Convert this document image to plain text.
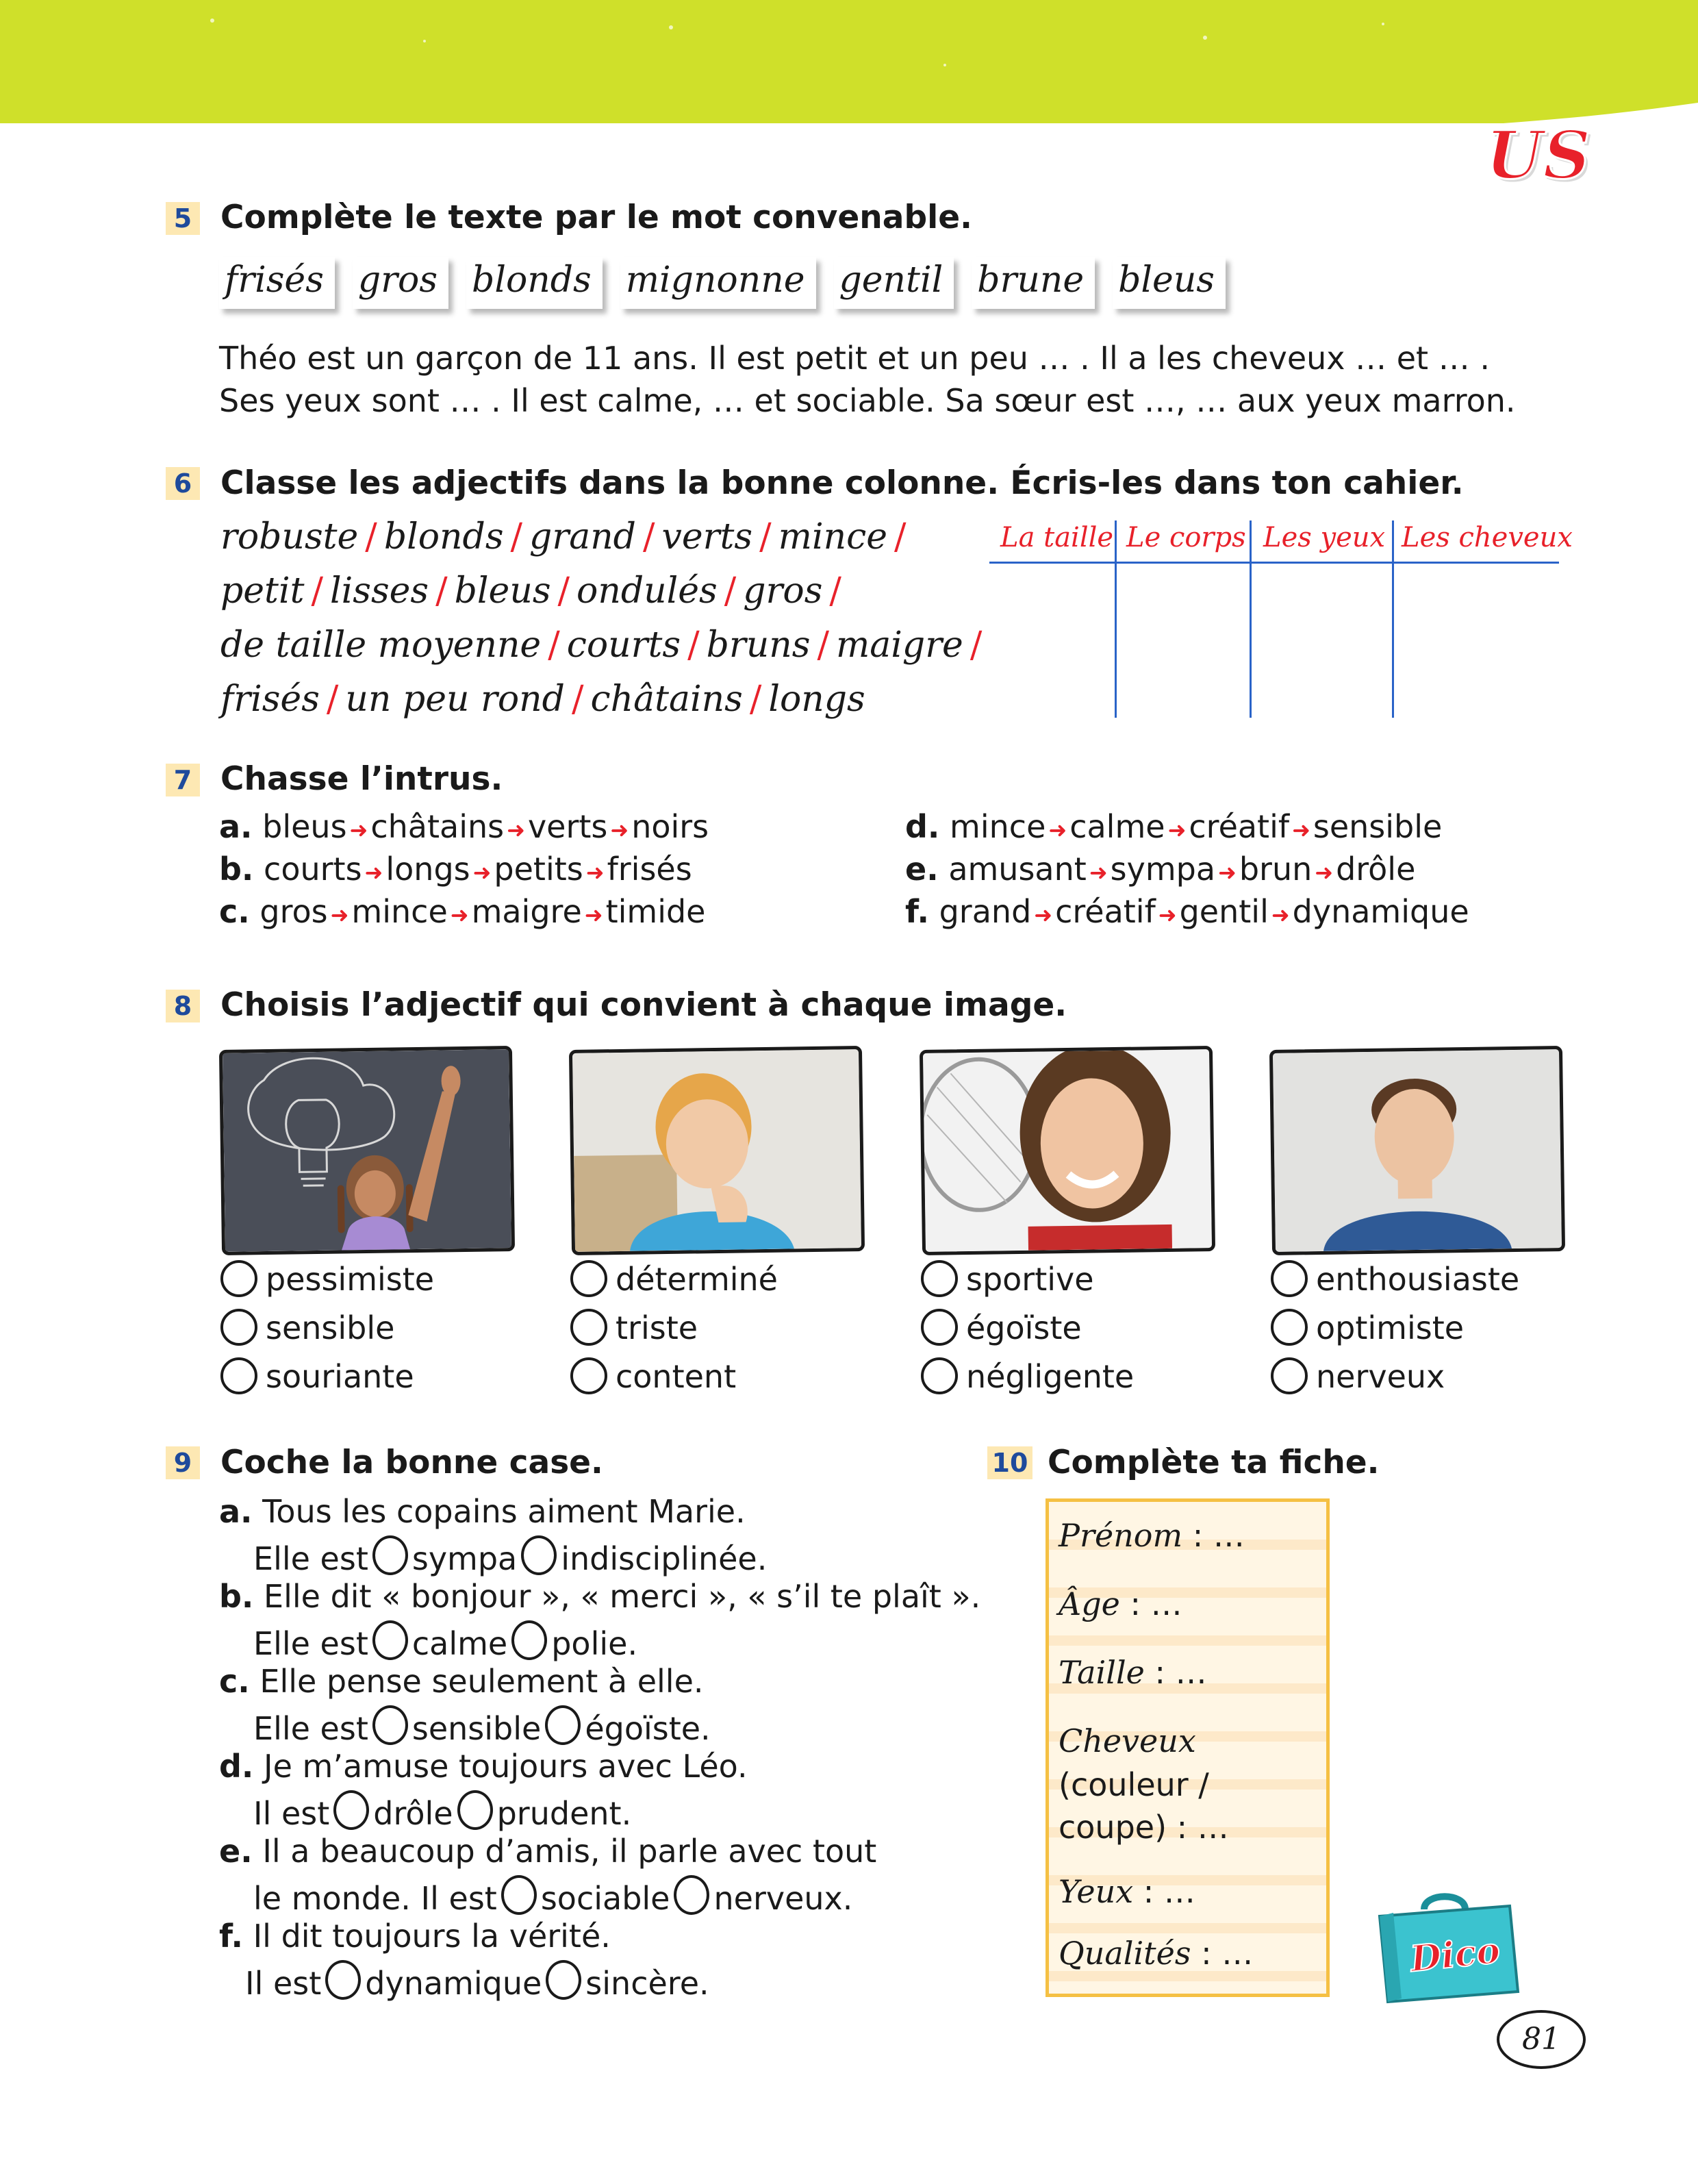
US
5 Complète le texte par le mot convenable.
frisés gros blonds mignonne gentil brune bleus
Théo est un garçon de 11 ans. Il est petit et un peu … . Il a les cheveux … et … .
Ses yeux sont … . Il est calme, … et sociable. Sa sœur est …, … aux yeux marron.
6 Classe les adjectifs dans la bonne colonne. Écris-les dans ton cahier.
robuste / blonds / grand / verts / mince /
petit / lisses / bleus / ondulés / gros /
de taille moyenne / courts / bruns / maigre /
frisés / un peu rond / châtains / longs
La taille Le corps Les yeux Les cheveux
7 Chasse l’intrus.
a. bleus ➜châtains ➜verts ➜noirs
b. courts ➜longs ➜petits ➜frisés
c. gros ➜mince ➜maigre ➜timide
d. mince ➜calme ➜créatif ➜sensible
e. amusant ➜sympa ➜brun ➜drôle
f. grand ➜créatif ➜gentil ➜dynamique
8 Choisis l’adjectif qui convient à chaque image.
pessimiste
sensible
souriante
déterminé
triste
content
sportive
égoïste
négligente
enthousiaste
optimiste
nerveux
9 Coche la bonne case.
a. Tous les copains aiment Marie.
Elle est sympa indisciplinée.
b. Elle dit « bonjour », « merci », « s’il te plaît ».
Elle est calme polie.
c. Elle pense seulement à elle.
Elle est sensible égoïste.
d. Je m’amuse toujours avec Léo.
Il est drôle prudent.
e. Il a beaucoup d’amis, il parle avec tout
le monde. Il est sociable nerveux.
f. Il dit toujours la vérité.
Il est dynamique sincère.
10 Complète ta fiche.
Prénom : …
Âge : …
Taille : …
Cheveux
(couleur /
coupe) : …
Yeux : …
Qualités : …	Dico
81
